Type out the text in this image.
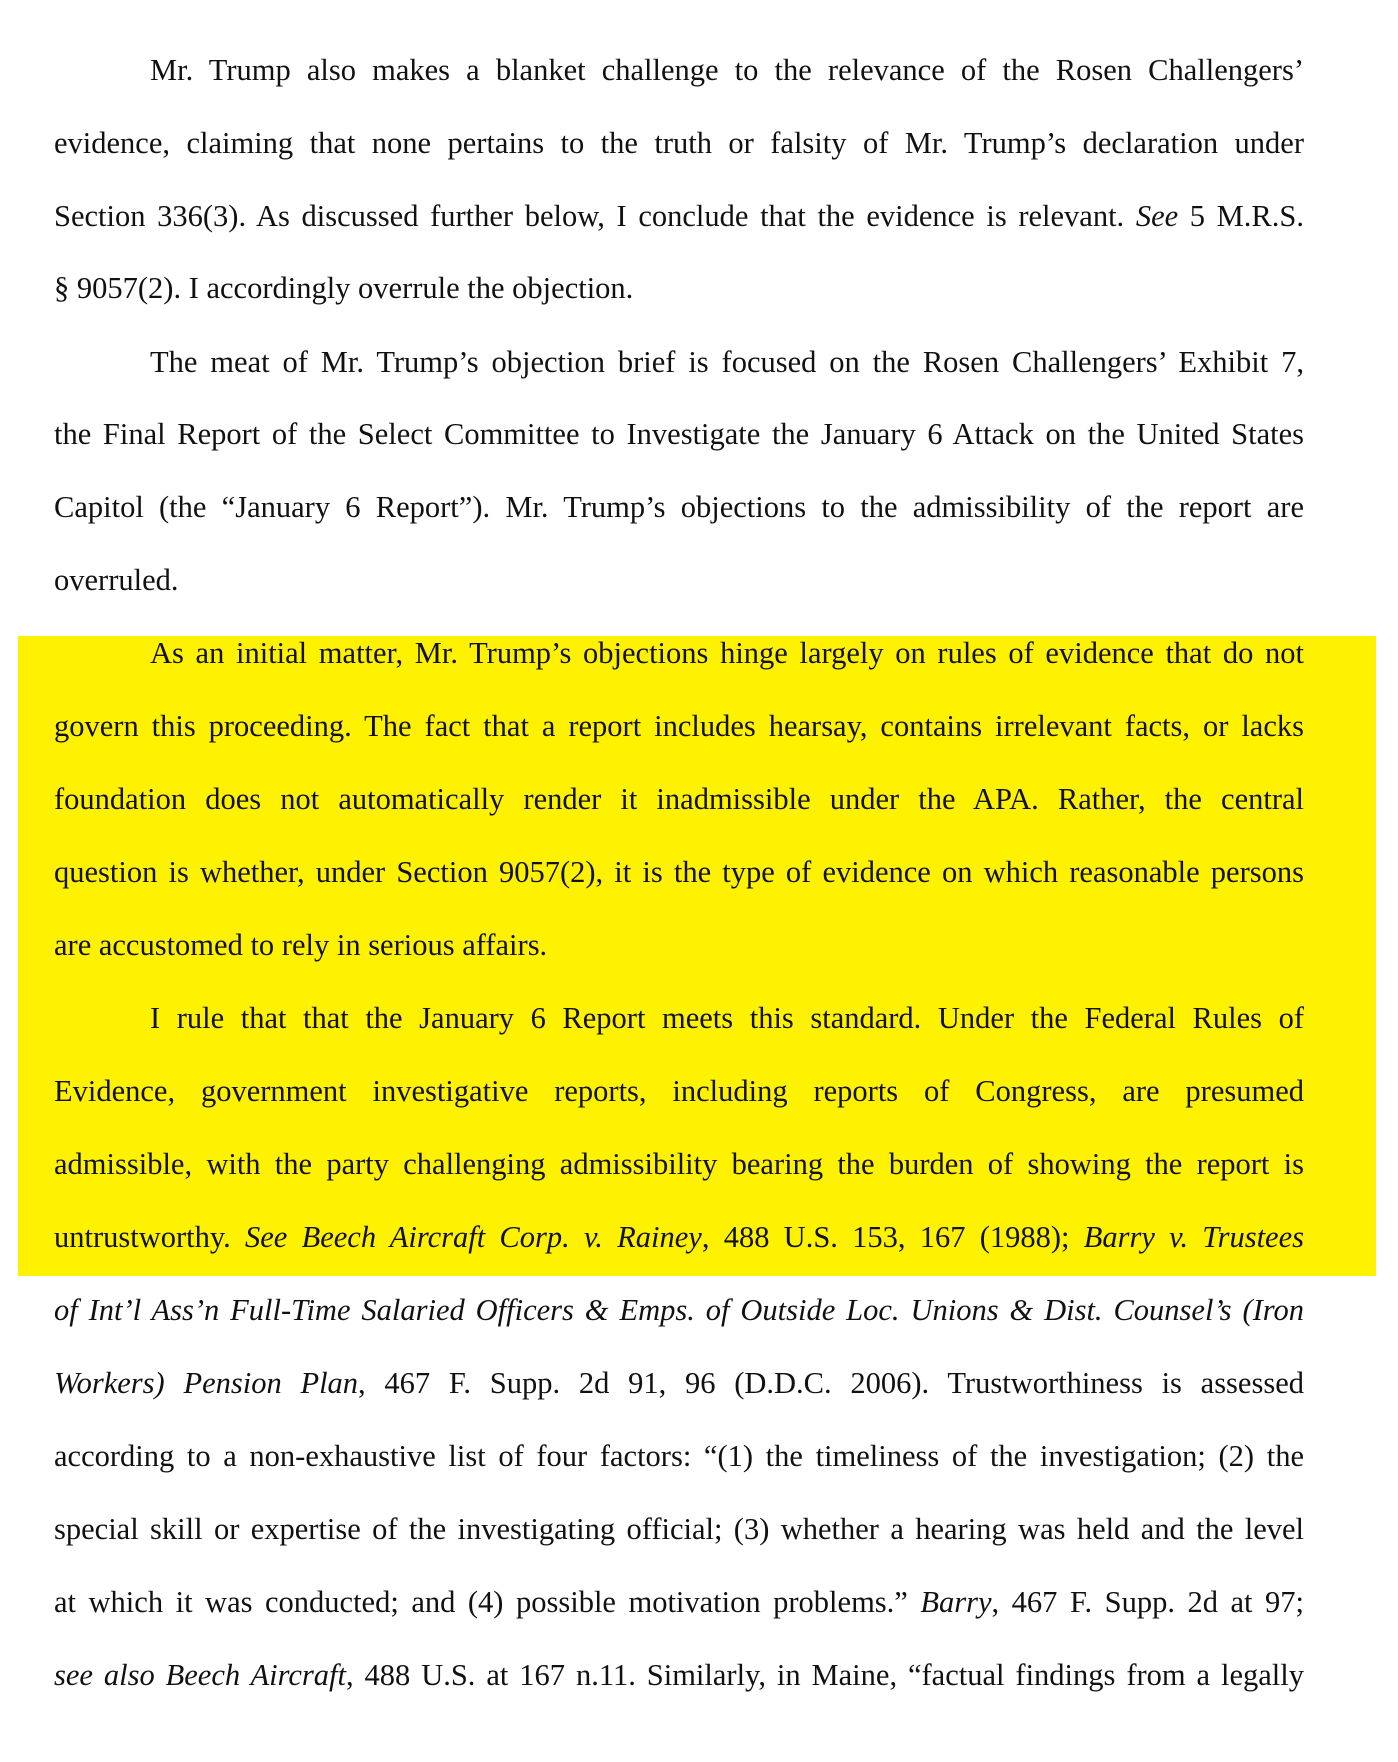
Mr. Trump also makes a blanket challenge to the relevance of the Rosen Challengers’
evidence, claiming that none pertains to the truth or falsity of Mr. Trump’s declaration under
Section 336(3). As discussed further below, I conclude that the evidence is relevant. See 5 M.R.S.
§ 9057(2). I accordingly overrule the objection.
The meat of Mr. Trump’s objection brief is focused on the Rosen Challengers’ Exhibit 7,
the Final Report of the Select Committee to Investigate the January 6 Attack on the United States
Capitol (the “January 6 Report”). Mr. Trump’s objections to the admissibility of the report are
overruled.
As an initial matter, Mr. Trump’s objections hinge largely on rules of evidence that do not
govern this proceeding. The fact that a report includes hearsay, contains irrelevant facts, or lacks
foundation does not automatically render it inadmissible under the APA. Rather, the central
question is whether, under Section 9057(2), it is the type of evidence on which reasonable persons
are accustomed to rely in serious affairs.
I rule that that the January 6 Report meets this standard. Under the Federal Rules of
Evidence, government investigative reports, including reports of Congress, are presumed
admissible, with the party challenging admissibility bearing the burden of showing the report is
untrustworthy. See Beech Aircraft Corp. v. Rainey, 488 U.S. 153, 167 (1988); Barry v. Trustees
of Int’l Ass’n Full-Time Salaried Officers & Emps. of Outside Loc. Unions & Dist. Counsel’s (Iron
Workers) Pension Plan, 467 F. Supp. 2d 91, 96 (D.D.C. 2006). Trustworthiness is assessed
according to a non-exhaustive list of four factors: “(1) the timeliness of the investigation; (2) the
special skill or expertise of the investigating official; (3) whether a hearing was held and the level
at which it was conducted; and (4) possible motivation problems.” Barry, 467 F. Supp. 2d at 97;
see also Beech Aircraft, 488 U.S. at 167 n.11. Similarly, in Maine, “factual findings from a legally
